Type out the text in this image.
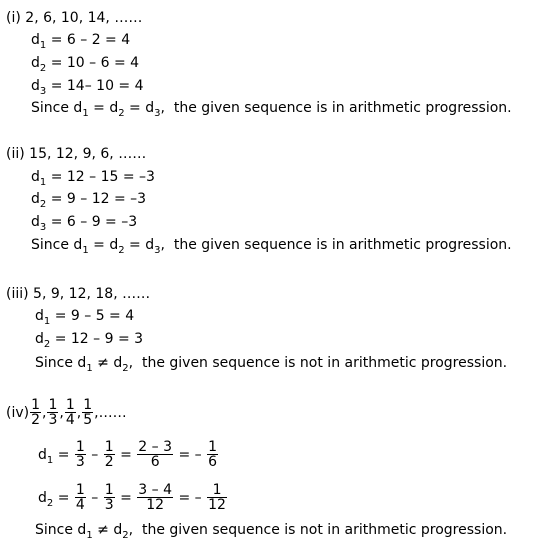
(i) 2, 6, 10, 14, ……
$d_1 = 6 - 2 = 4$
$d_2 = 10 - 6 = 4$
$d_3 = 14-$ 10 = 4
Since $d_1 = d_2 = d_3$, the given sequence is in arithmetic progression.
(ii) 15, 12, 9, 6, ……
$d_1 = 12 - 15 = -3$
$d_2 = 9 - 12 = -3$
$d_3 = 6 - 9 = -3$
Since $d_1 = d_2 = d_3$, the given sequence is in arithmetic progression.
(iii) 5, 9, 12, 18, ……
$d_1 = 9 - 5 = 4$
$d_2 = 12 - 9 = 3$
Since $d_1 \ne d_2$, the given sequence is not in arithmetic progression.
$(iv) \frac{1}{2}$ , $\frac{1}{3}$ , $\frac{1}{4}$ , $\frac{1}{5}$ ,……
$d_1 = \frac{1}{3} - \frac{1}{2} = \frac{2 - 3}{6}$ = – $\frac{1}{6}$
$d_2 = \frac{1}{4} - \frac{1}{3} = \frac{3 - 4}{12}$ = – $\frac{1}{12}$
Since $d_1 \ne d_2$, the given sequence is not in arithmetic progression.
